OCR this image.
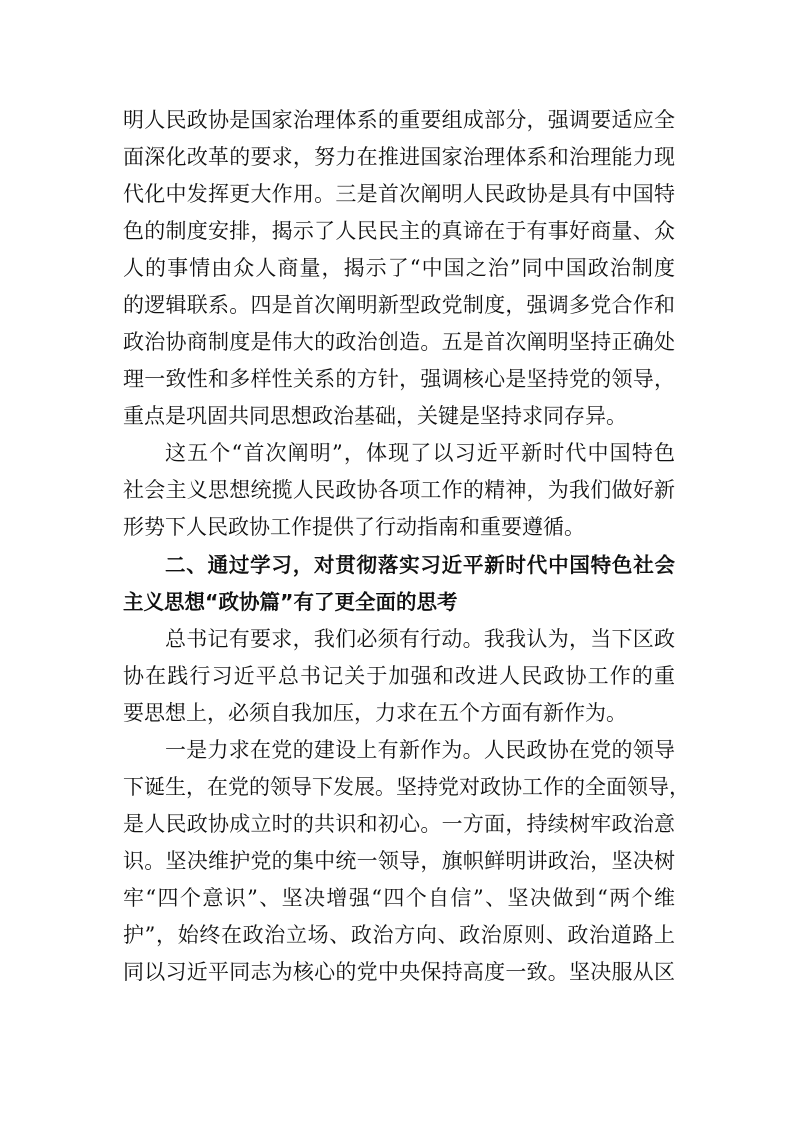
明人民政协是国家治理体系的重要组成部分，强调要适应全
面深化改革的要求，努力在推进国家治理体系和治理能力现
代化中发挥更大作用。三是首次阐明人民政协是具有中国特
色的制度安排，揭示了人民民主的真谛在于有事好商量、众
人的事情由众人商量，揭示了“中国之治”同中国政治制度
的逻辑联系。四是首次阐明新型政党制度，强调多党合作和
政治协商制度是伟大的政治创造。五是首次阐明坚持正确处
理一致性和多样性关系的方针，强调核心是坚持党的领导，
重点是巩固共同思想政治基础，关键是坚持求同存异。
这五个“首次阐明”，体现了以习近平新时代中国特色
社会主义思想统揽人民政协各项工作的精神，为我们做好新
形势下人民政协工作提供了行动指南和重要遵循。
二、通过学习，对贯彻落实习近平新时代中国特色社会
主义思想“政协篇”有了更全面的思考
总书记有要求，我们必须有行动。我我认为，当下区政
协在践行习近平总书记关于加强和改进人民政协工作的重
要思想上，必须自我加压，力求在五个方面有新作为。
一是力求在党的建设上有新作为。人民政协在党的领导
下诞生，在党的领导下发展。坚持党对政协工作的全面领导，
是人民政协成立时的共识和初心。一方面，持续树牢政治意
识。坚决维护党的集中统一领导，旗帜鲜明讲政治，坚决树
牢“四个意识”、坚决增强“四个自信”、坚决做到“两个维
护”，始终在政治立场、政治方向、政治原则、政治道路上
同以习近平同志为核心的党中央保持高度一致。坚决服从区
